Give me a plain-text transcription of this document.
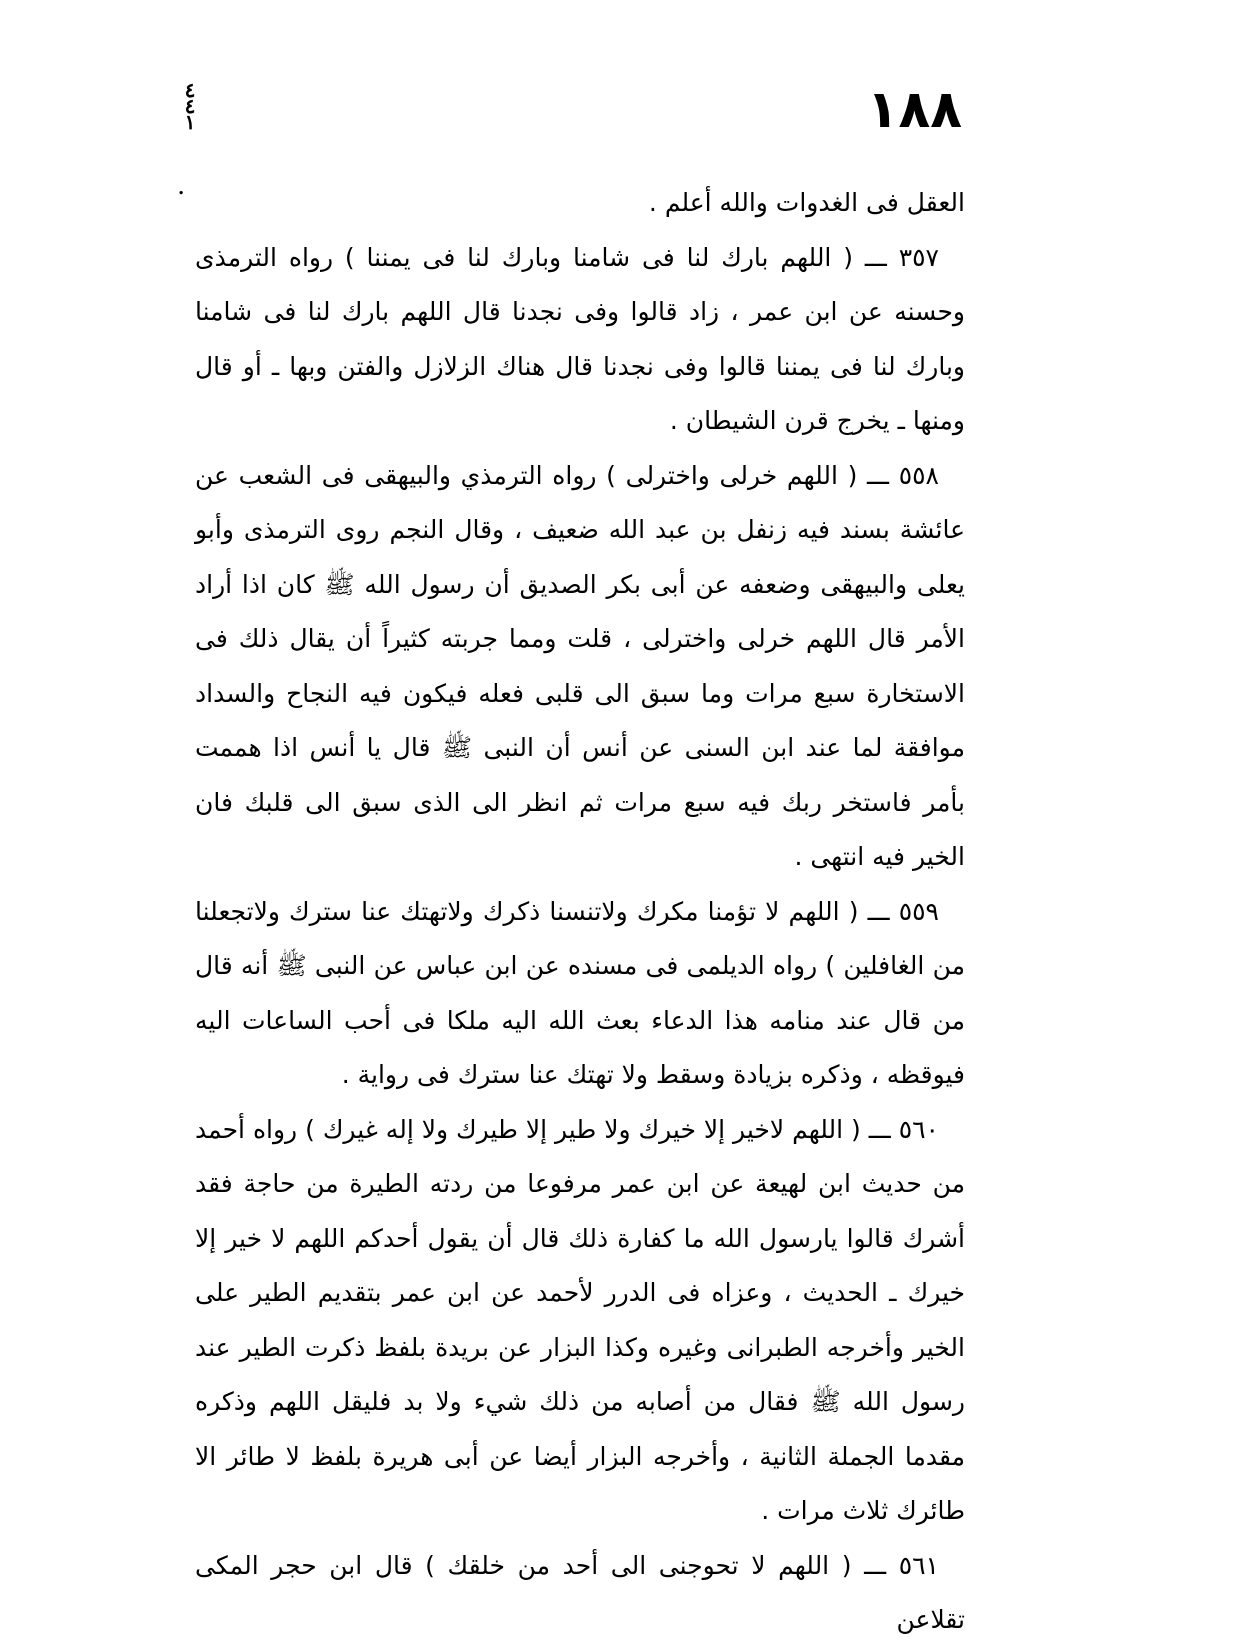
٤
٤
١
.
١٨٨

العقل فى الغدوات والله أعلم .

٣٥٧ ـــ ( اللهم بارك لنا فى شامنا وبارك لنا فى يمننا ) رواه الترمذى وحسنه عن ابن عمر ، زاد قالوا وفى نجدنا قال اللهم بارك لنا فى شامنا وبارك لنا فى يمننا قالوا وفى نجدنا قال هناك الزلازل والفتن وبها ـ أو قال ومنها ـ يخرج قرن الشيطان .

٥٥٨ ـــ ( اللهم خرلى واخترلى ) رواه الترمذي والبيهقى فى الشعب عن عائشة بسند فيه زنفل بن عبد الله ضعيف ، وقال النجم روى الترمذى وأبو يعلى والبيهقى وضعفه عن أبى بكر الصديق أن رسول الله ﷺ كان اذا أراد الأمر قال اللهم خرلى واخترلى ، قلت ومما جربته كثيراً أن يقال ذلك فى الاستخارة سبع مرات وما سبق الى قلبى فعله فيكون فيه النجاح والسداد موافقة لما عند ابن السنى عن أنس أن النبى ﷺ قال يا أنس اذا هممت بأمر فاستخر ربك فيه سبع مرات ثم انظر الى الذى سبق الى قلبك فان الخير فيه انتهى .

٥٥٩ ـــ ( اللهم لا تؤمنا مكرك ولاتنسنا ذكرك ولاتهتك عنا سترك ولاتجعلنا من الغافلين ) رواه الديلمى فى مسنده عن ابن عباس عن النبى ﷺ أنه قال من قال عند منامه هذا الدعاء بعث الله اليه ملكا فى أحب الساعات اليه فيوقظه ، وذكره بزيادة وسقط ولا تهتك عنا سترك فى رواية .

٥٦٠ ـــ ( اللهم لاخير إلا خيرك ولا طير إلا طيرك ولا إله غيرك ) رواه أحمد من حديث ابن لهيعة عن ابن عمر مرفوعا من ردته الطيرة من حاجة فقد أشرك قالوا يارسول الله ما كفارة ذلك قال أن يقول أحدكم اللهم لا خير إلا خيرك ـ الحديث ، وعزاه فى الدرر لأحمد عن ابن عمر بتقديم الطير على الخير وأخرجه الطبرانى وغيره وكذا البزار عن بريدة بلفظ ذكرت الطير عند رسول الله ﷺ فقال من أصابه من ذلك شيء ولا بد فليقل اللهم وذكره مقدما الجملة الثانية ، وأخرجه البزار أيضا عن أبى هريرة بلفظ لا طائر الا طائرك ثلاث مرات .

٥٦١ ـــ ( اللهم لا تحوجنى الى أحد من خلقك ) قال ابن حجر المكى تقلاعن
